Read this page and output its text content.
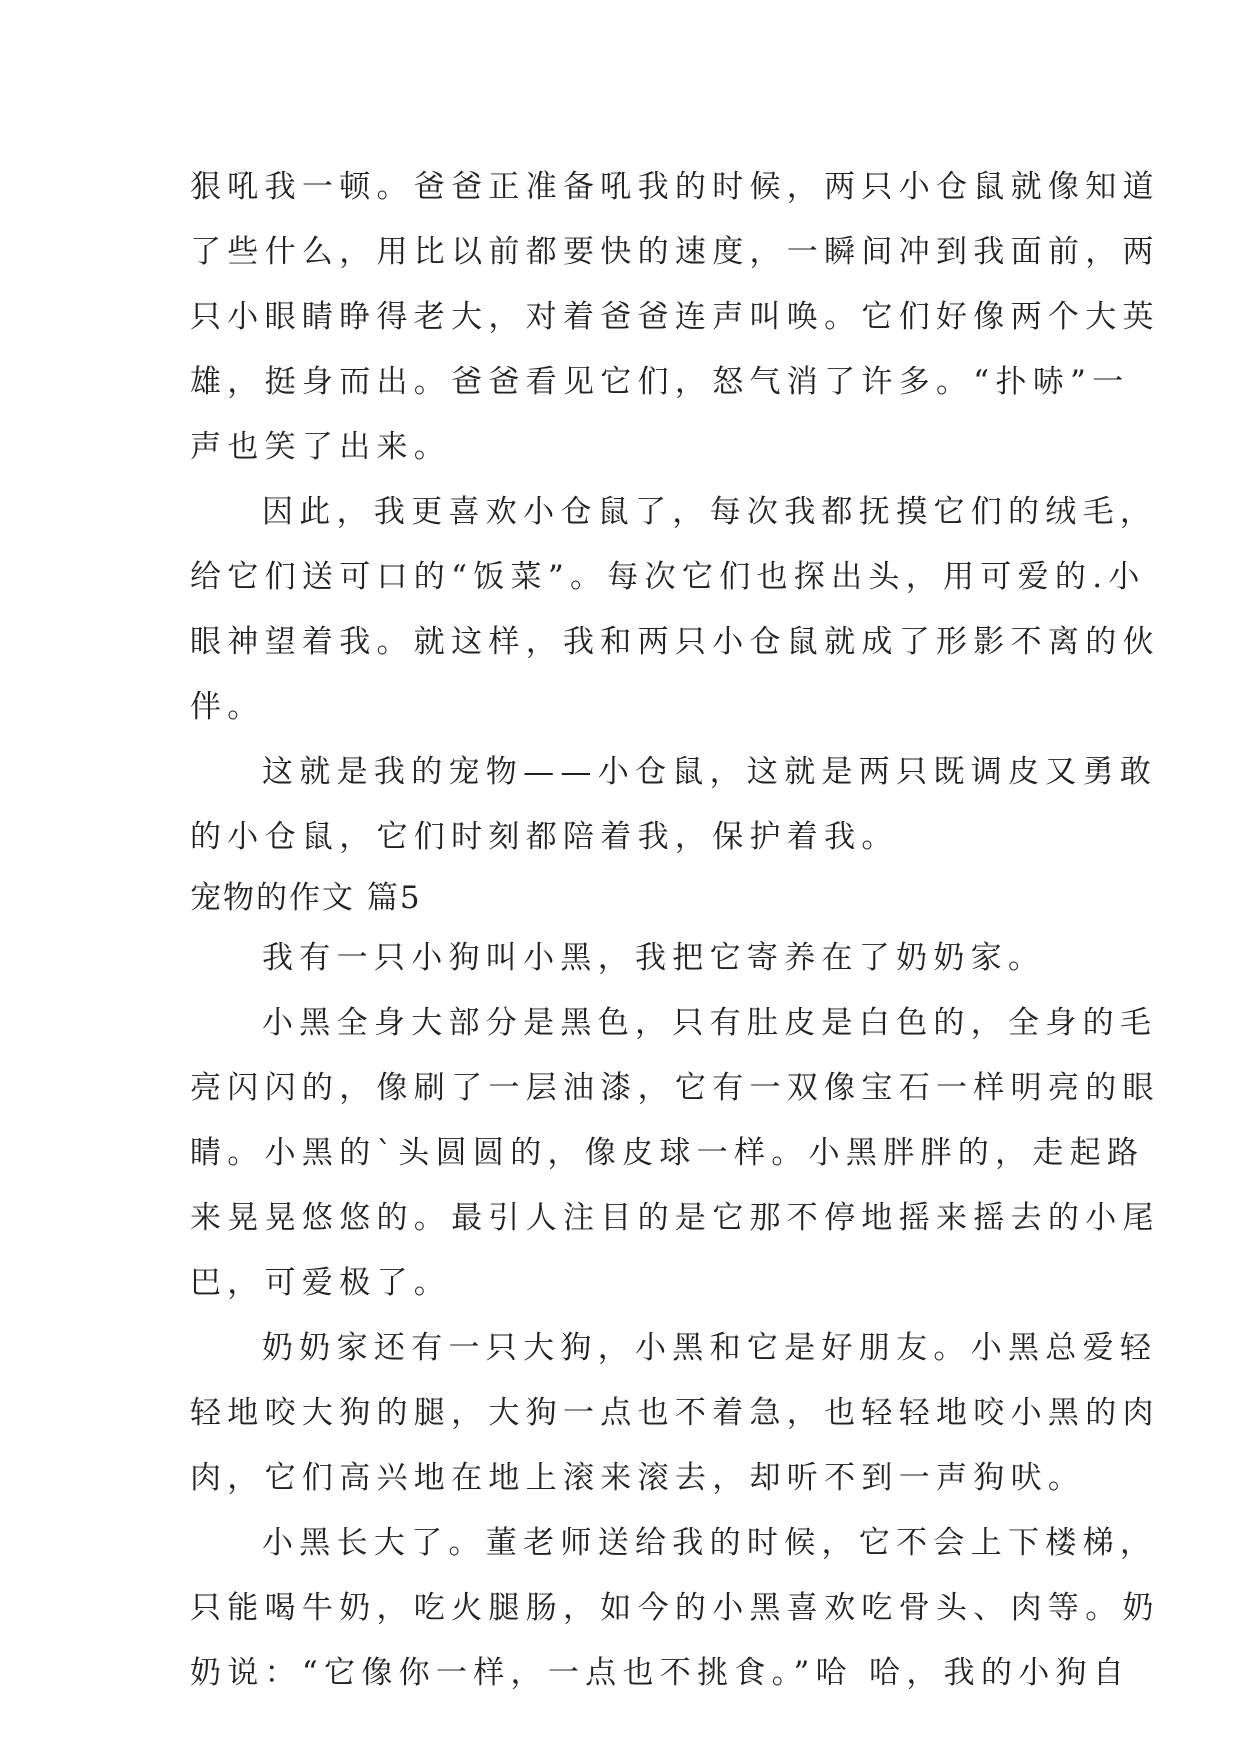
狠吼我一顿。爸爸正准备吼我的时候，两只小仓鼠就像知道
了些什么，用比以前都要快的速度，一瞬间冲到我面前，两
只小眼睛睁得老大，对着爸爸连声叫唤。它们好像两个大英
雄，挺身而出。爸爸看见它们，怒气消了许多。“扑哧”一
声也笑了出来。
因此，我更喜欢小仓鼠了，每次我都抚摸它们的绒毛，
给它们送可口的“饭菜”。每次它们也探出头，用可爱的.小
眼神望着我。就这样，我和两只小仓鼠就成了形影不离的伙
伴。
这就是我的宠物——小仓鼠，这就是两只既调皮又勇敢
的小仓鼠，它们时刻都陪着我，保护着我。
宠物的作文 篇5
我有一只小狗叫小黑，我把它寄养在了奶奶家。
小黑全身大部分是黑色，只有肚皮是白色的，全身的毛
亮闪闪的，像刷了一层油漆，它有一双像宝石一样明亮的眼
睛。小黑的`头圆圆的，像皮球一样。小黑胖胖的，走起路
来晃晃悠悠的。最引人注目的是它那不停地摇来摇去的小尾
巴，可爱极了。
奶奶家还有一只大狗，小黑和它是好朋友。小黑总爱轻
轻地咬大狗的腿，大狗一点也不着急，也轻轻地咬小黑的肉
肉，它们高兴地在地上滚来滚去，却听不到一声狗吠。
小黑长大了。董老师送给我的时候，它不会上下楼梯，
只能喝牛奶，吃火腿肠，如今的小黑喜欢吃骨头、肉等。奶
奶说：“它像你一样，一点也不挑食。”哈 哈，我的小狗自
